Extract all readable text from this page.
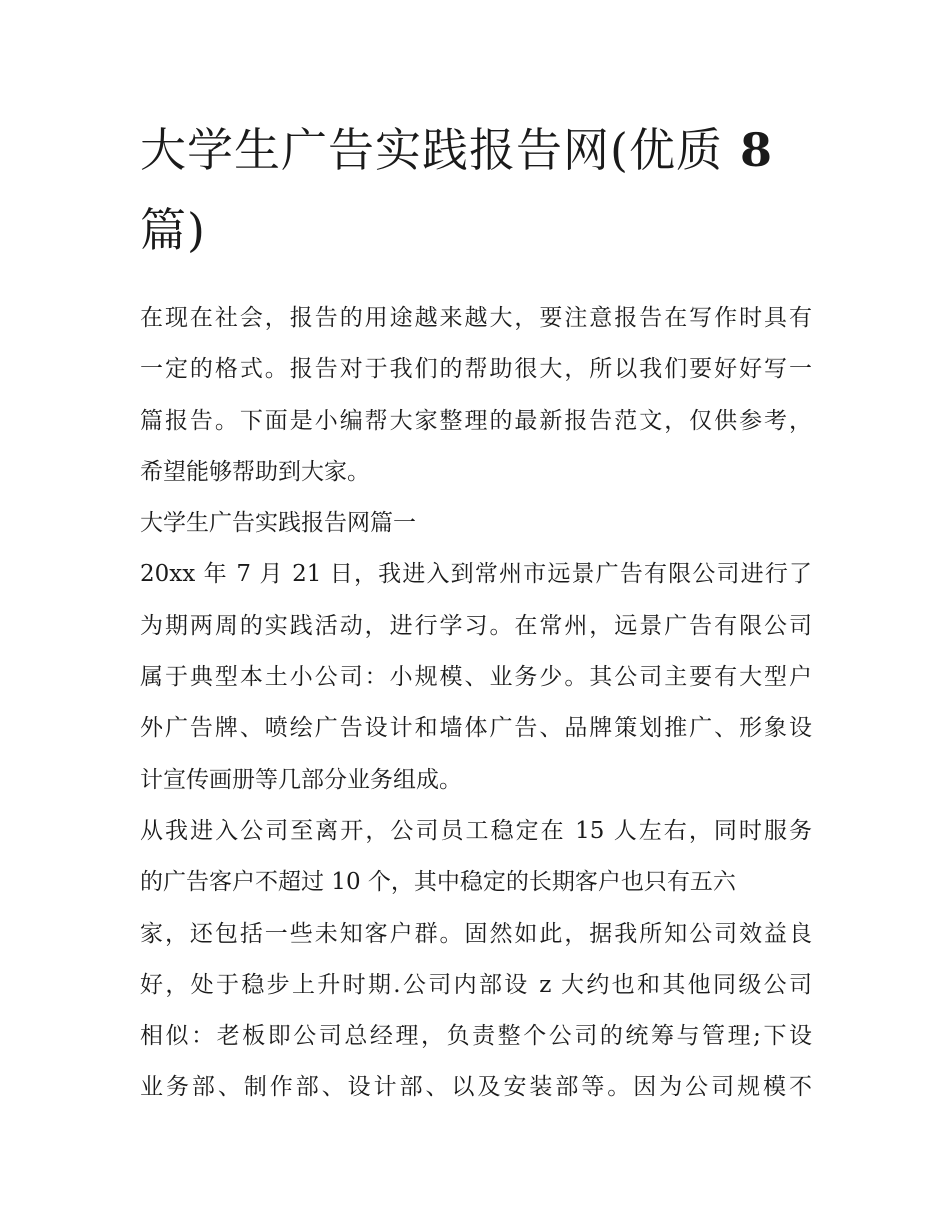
大学生广告实践报告网(优质 8
篇)
在现在社会，报告的用途越来越大，要注意报告在写作时具有
一定的格式。报告对于我们的帮助很大，所以我们要好好写一
篇报告。下面是小编帮大家整理的最新报告范文，仅供参考，
希望能够帮助到大家。
大学生广告实践报告网篇一
20xx 年 7 月 21 日，我进入到常州市远景广告有限公司进行了
为期两周的实践活动，进行学习。在常州，远景广告有限公司
属于典型本土小公司：小规模、业务少。其公司主要有大型户
外广告牌、喷绘广告设计和墙体广告、品牌策划推广、形象设
计宣传画册等几部分业务组成。
从我进入公司至离开，公司员工稳定在 15 人左右，同时服务
的广告客户不超过 10 个，其中稳定的长期客户也只有五六
家，还包括一些未知客户群。固然如此，据我所知公司效益良
好，处于稳步上升时期.公司内部设 z 大约也和其他同级公司
相似：老板即公司总经理，负责整个公司的统筹与管理;下设
业务部、制作部、设计部、以及安装部等。因为公司规模不
